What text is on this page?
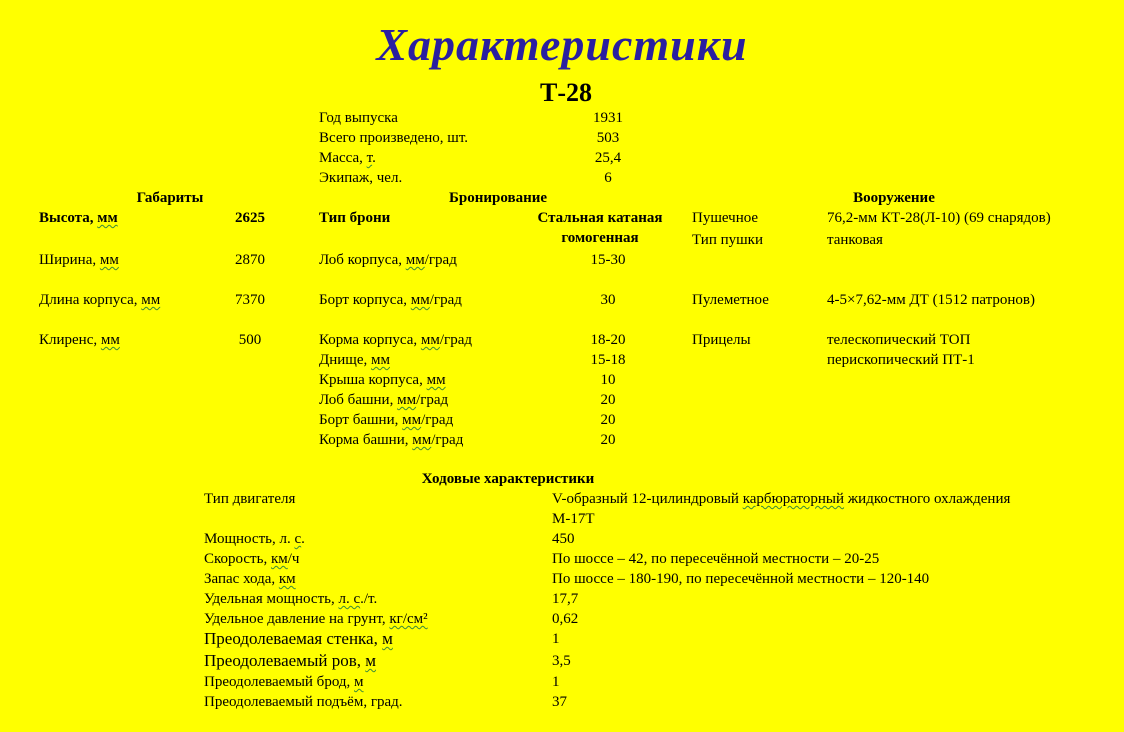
Характеристики
Т-28
Год выпуска	1931
Всего произведено, шт.	503
Масса, т.	25,4
Экипаж, чел.	6
Габариты	Бронирование	Вооружение
Высота, мм	2625
Ширина, мм	2870
Длина корпуса, мм	7370
Клиренс, мм	500
Тип брони	Стальная катаная
гомогенная
Лоб корпуса, мм/град	15-30
Борт корпуса, мм/град	30
Корма корпуса, мм/град	18-20
Днище, мм	15-18
Крыша корпуса, мм	10
Лоб башни, мм/град	20
Борт башни, мм/град	20
Корма башни, мм/град	20
Пушечное	76,2-мм КТ-28(Л-10) (69 снарядов)
Тип пушки	танковая
Пулеметное	4-5×7,62-мм ДТ (1512 патронов)
Прицелы	телескопический ТОП
перископический ПТ-1
Ходовые характеристики
Тип двигателя	V-образный 12-цилиндровый карбюраторный жидкостного охлаждения
М-17Т
Мощность, л. с.	450
Скорость, км/ч	По шоссе – 42, по пересечённой местности – 20-25
Запас хода, км	По шоссе – 180-190, по пересечённой местности – 120-140
Удельная мощность, л. с./т.	17,7
Удельное давление на грунт, кг/см²	0,62
Преодолеваемая стенка, м	1
Преодолеваемый ров, м	3,5
Преодолеваемый брод, м	1
Преодолеваемый подъём, град.	37
